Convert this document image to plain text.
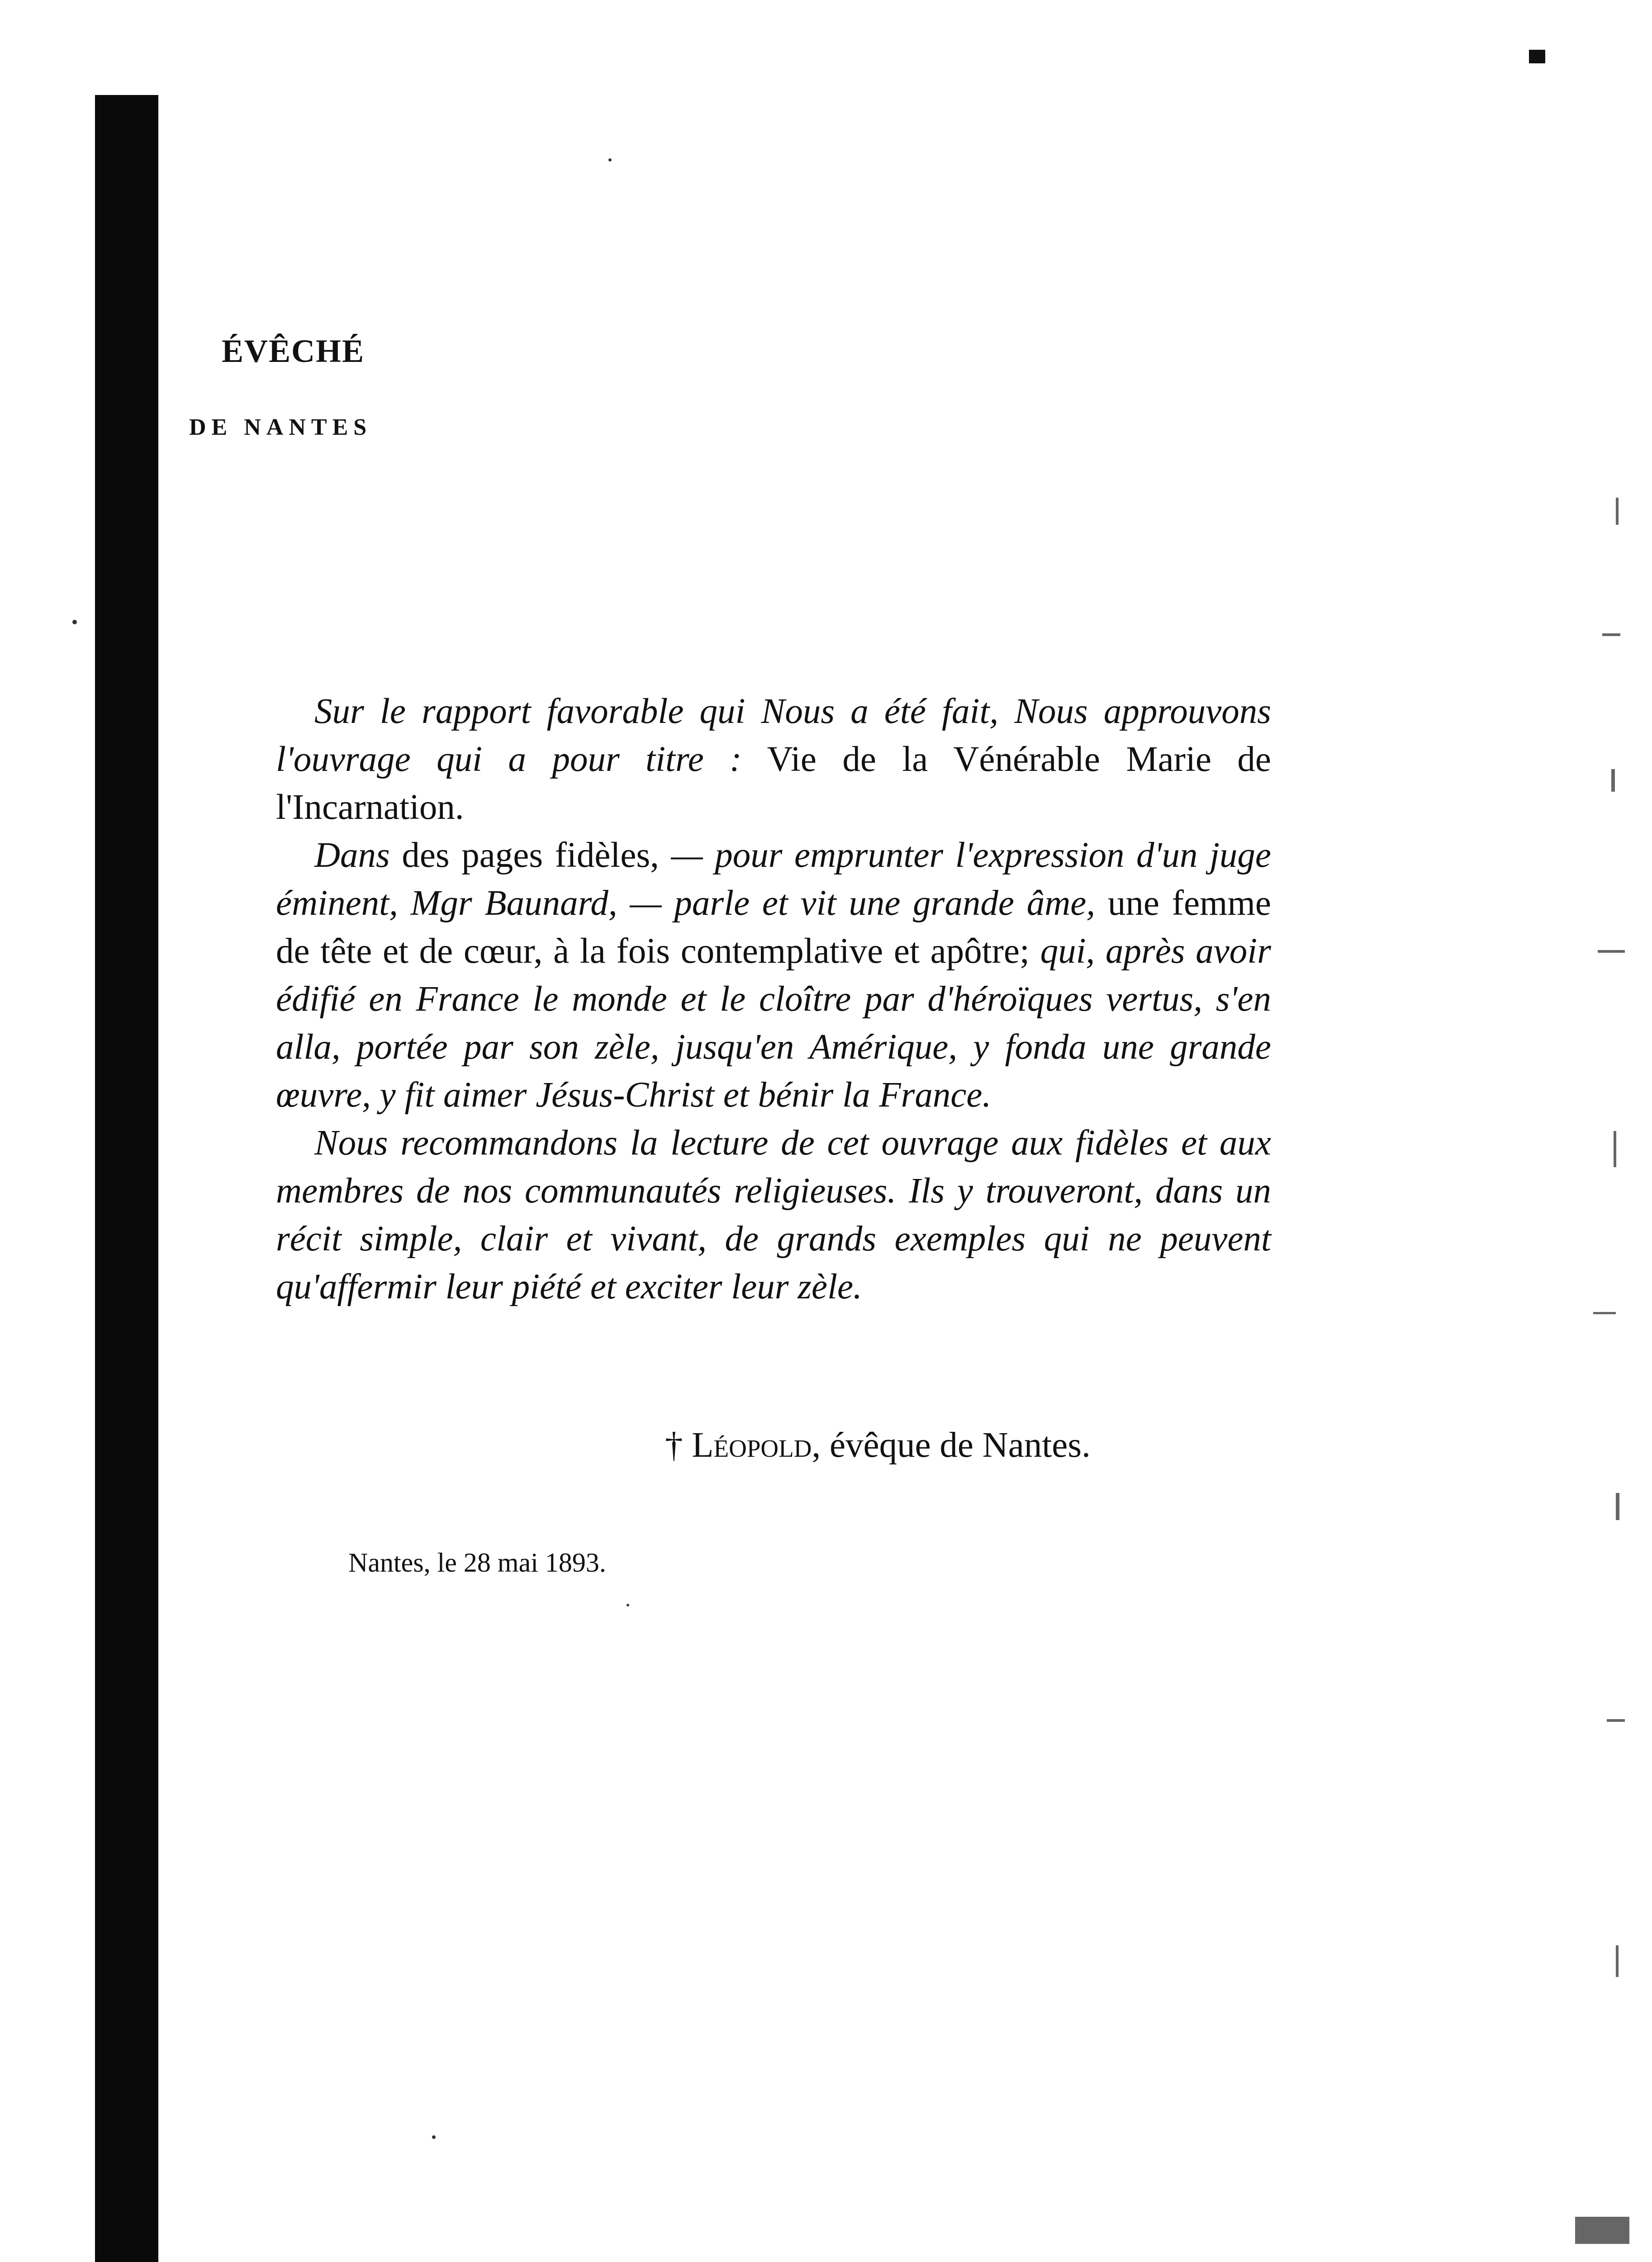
ÉVÊCHÉ
DE NANTES

Sur le rapport favorable qui Nous a été fait, Nous approuvons l'ouvrage qui a pour titre : Vie de la Vénérable Marie de l'Incarnation.

Dans des pages fidèles, — pour emprunter l'expression d'un juge éminent, Mgr Baunard, — parle et vit une grande âme, une femme de tête et de cœur, à la fois contemplative et apôtre; qui, après avoir édifié en France le monde et le cloître par d'héroïques vertus, s'en alla, portée par son zèle, jusqu'en Amérique, y fonda une grande œuvre, y fit aimer Jésus-Christ et bénir la France.

Nous recommandons la lecture de cet ouvrage aux fidèles et aux membres de nos communautés religieuses. Ils y trouveront, dans un récit simple, clair et vivant, de grands exemples qui ne peuvent qu'affermir leur piété et exciter leur zèle.

† Léopold, évêque de Nantes.
Nantes, le 28 mai 1893.
